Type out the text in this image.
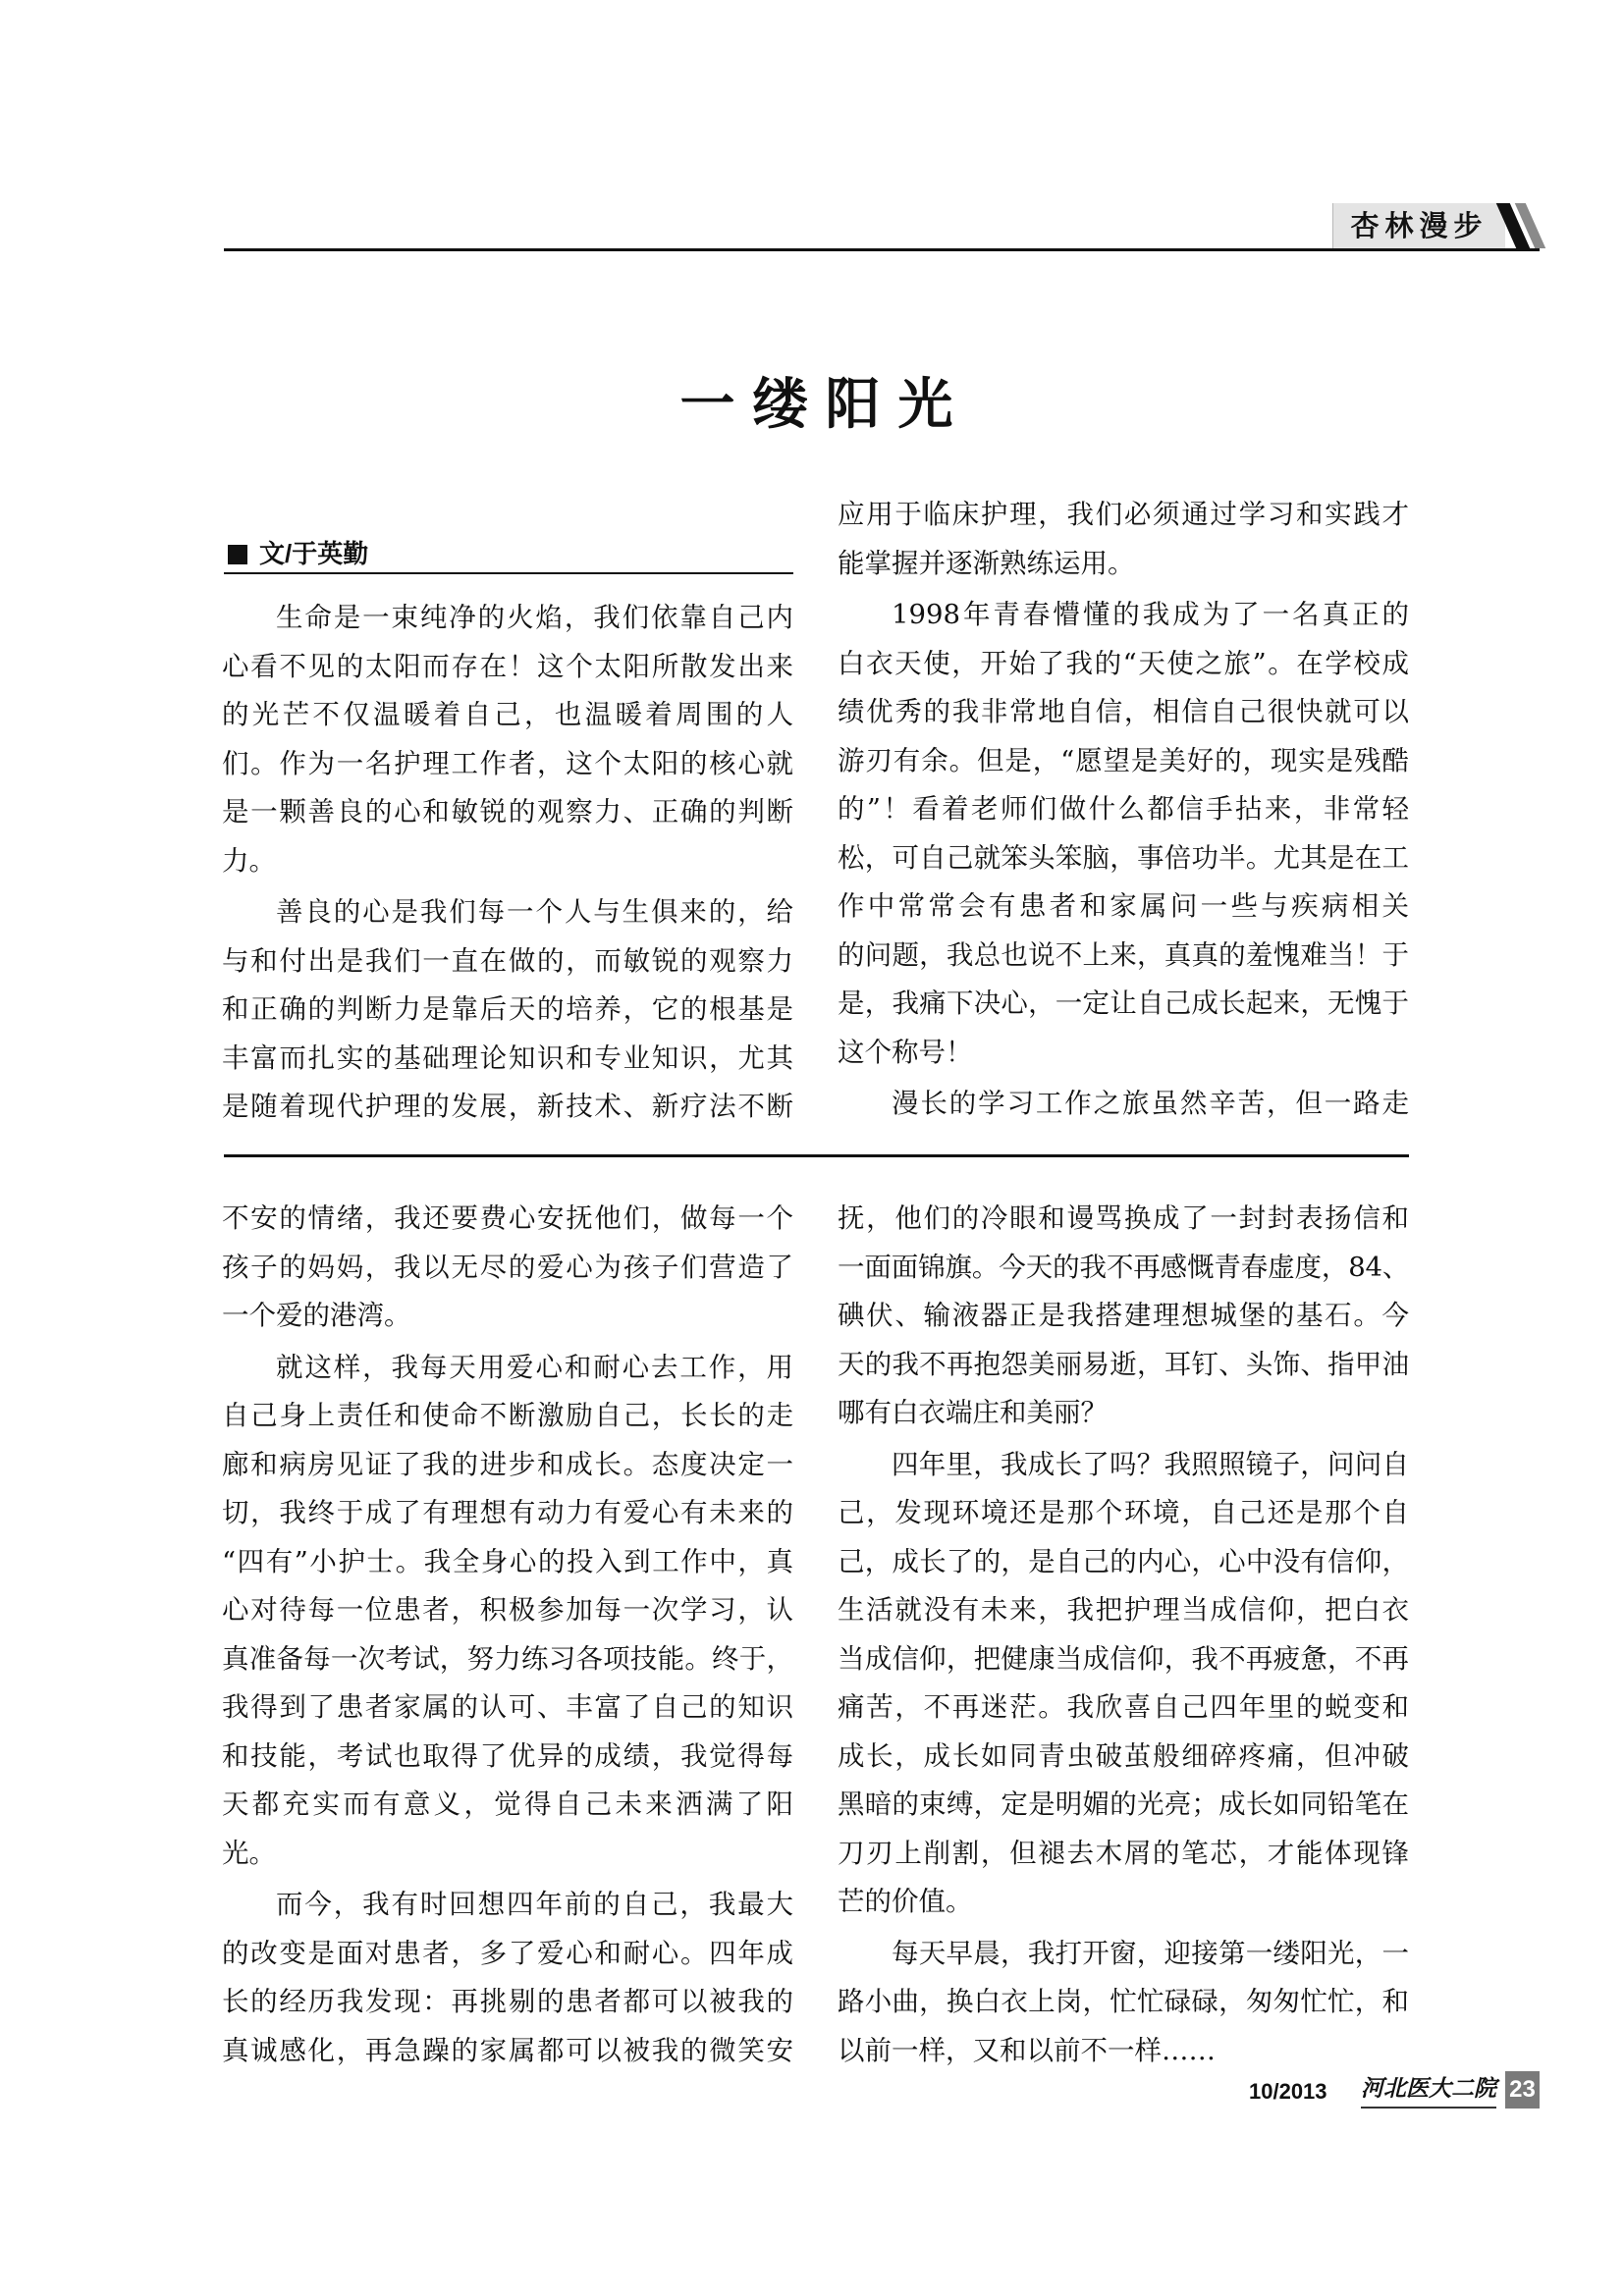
杏林漫步
一缕阳光
文/于英勤
生命是一束纯净的火焰，我们依靠自己内
心看不见的太阳而存在！这个太阳所散发出来
的光芒不仅温暖着自己，也温暖着周围的人
们。作为一名护理工作者，这个太阳的核心就
是一颗善良的心和敏锐的观察力、正确的判断
力。
善良的心是我们每一个人与生俱来的，给
与和付出是我们一直在做的，而敏锐的观察力
和正确的判断力是靠后天的培养，它的根基是
丰富而扎实的基础理论知识和专业知识，尤其
是随着现代护理的发展，新技术、新疗法不断
应用于临床护理，我们必须通过学习和实践才
能掌握并逐渐熟练运用。
1998年青春懵懂的我成为了一名真正的
白衣天使，开始了我的“天使之旅”。在学校成
绩优秀的我非常地自信，相信自己很快就可以
游刃有余。但是，“愿望是美好的，现实是残酷
的”！看着老师们做什么都信手拈来，非常轻
松，可自己就笨头笨脑，事倍功半。尤其是在工
作中常常会有患者和家属问一些与疾病相关
的问题，我总也说不上来，真真的羞愧难当！于
是，我痛下决心，一定让自己成长起来，无愧于
这个称号！
漫长的学习工作之旅虽然辛苦，但一路走
不安的情绪，我还要费心安抚他们，做每一个
孩子的妈妈，我以无尽的爱心为孩子们营造了
一个爱的港湾。
就这样，我每天用爱心和耐心去工作，用
自己身上责任和使命不断激励自己，长长的走
廊和病房见证了我的进步和成长。态度决定一
切，我终于成了有理想有动力有爱心有未来的
“四有”小护士。我全身心的投入到工作中，真
心对待每一位患者，积极参加每一次学习，认
真准备每一次考试，努力练习各项技能。终于，
我得到了患者家属的认可、丰富了自己的知识
和技能，考试也取得了优异的成绩，我觉得每
天都充实而有意义，觉得自己未来洒满了阳
光。
而今，我有时回想四年前的自己，我最大
的改变是面对患者，多了爱心和耐心。四年成
长的经历我发现：再挑剔的患者都可以被我的
真诚感化，再急躁的家属都可以被我的微笑安
抚，他们的冷眼和谩骂换成了一封封表扬信和
一面面锦旗。今天的我不再感慨青春虚度，84、
碘伏、输液器正是我搭建理想城堡的基石。今
天的我不再抱怨美丽易逝，耳钉、头饰、指甲油
哪有白衣端庄和美丽？
四年里，我成长了吗？我照照镜子，问问自
己，发现环境还是那个环境，自己还是那个自
己，成长了的，是自己的内心，心中没有信仰，
生活就没有未来，我把护理当成信仰，把白衣
当成信仰，把健康当成信仰，我不再疲惫，不再
痛苦，不再迷茫。我欣喜自己四年里的蜕变和
成长，成长如同青虫破茧般细碎疼痛，但冲破
黑暗的束缚，定是明媚的光亮；成长如同铅笔在
刀刃上削割，但褪去木屑的笔芯，才能体现锋
芒的价值。
每天早晨，我打开窗，迎接第一缕阳光，一
路小曲，换白衣上岗，忙忙碌碌，匆匆忙忙，和
以前一样，又和以前不一样……
10/2013 河北医大二院 23
